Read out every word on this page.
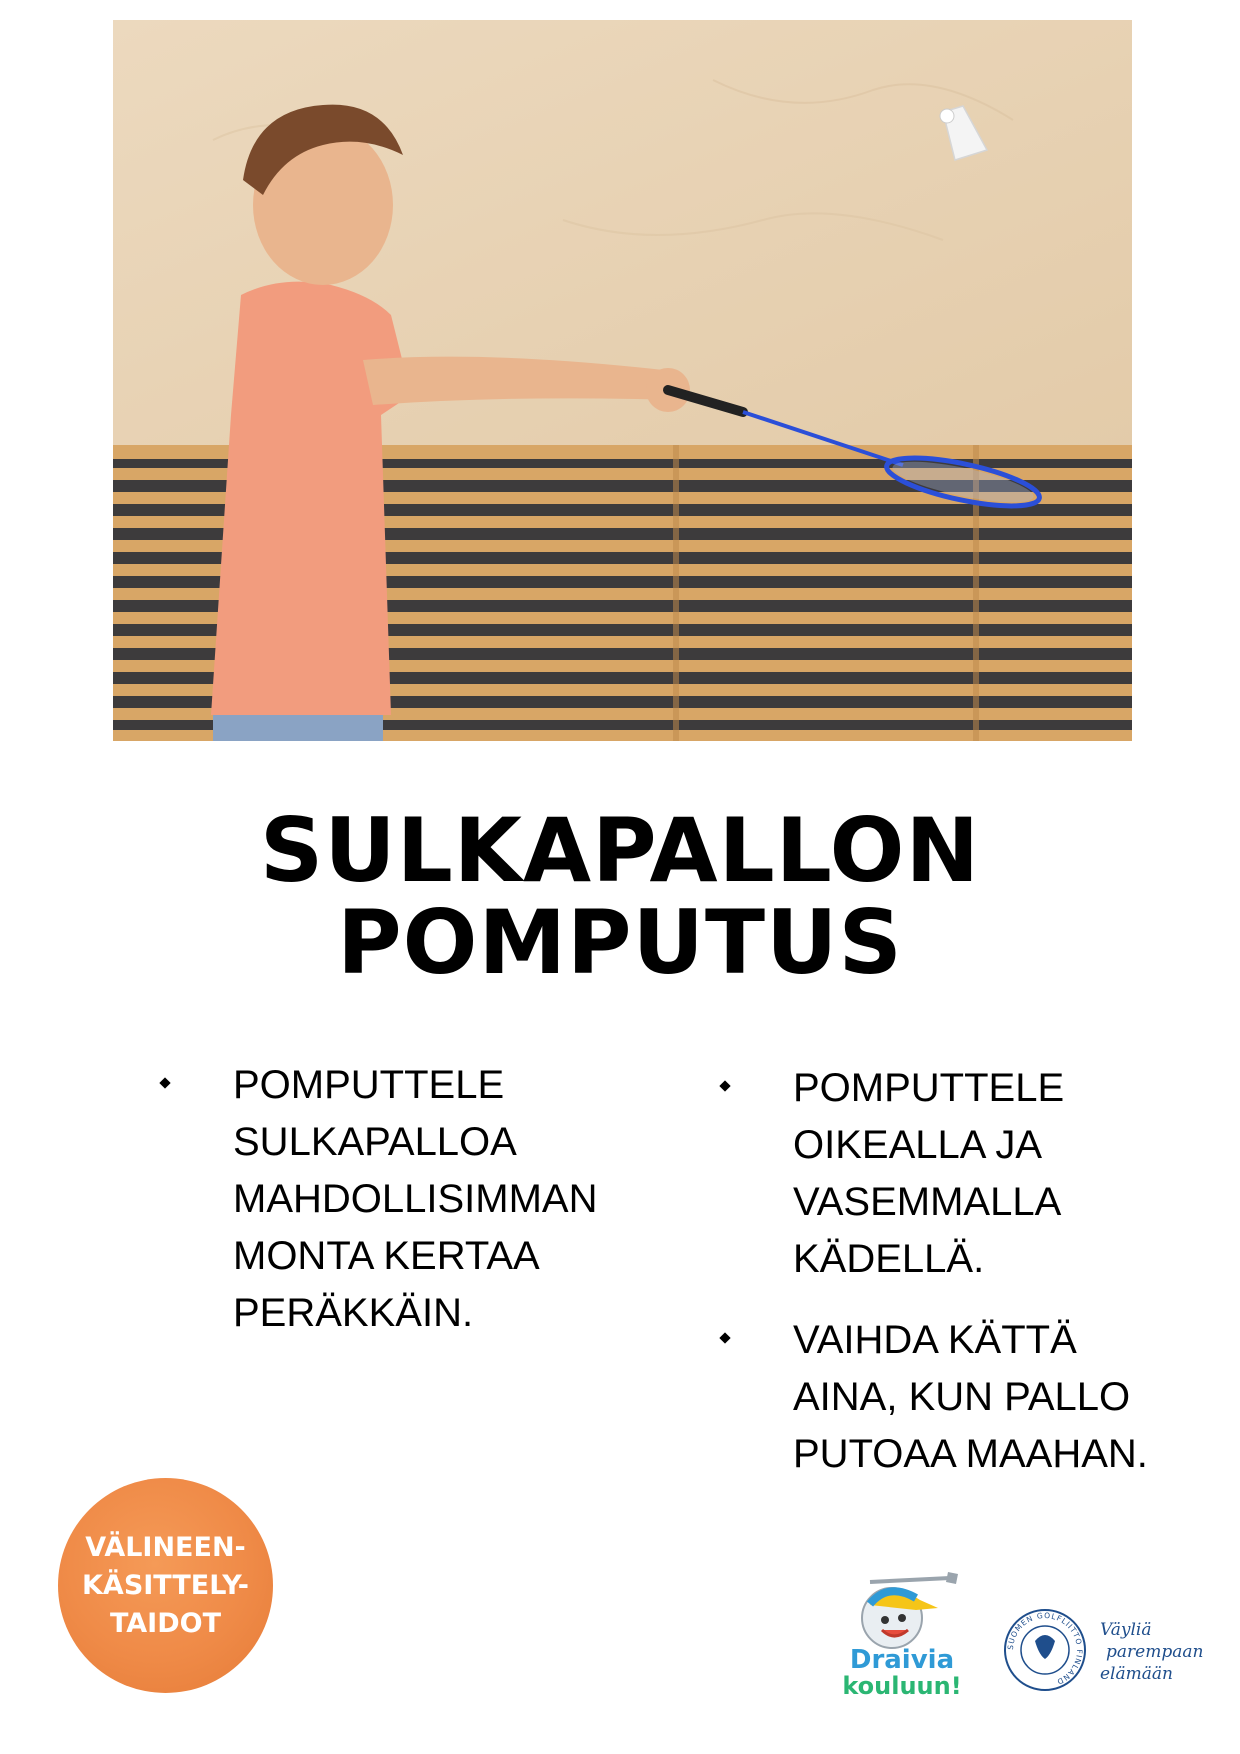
SULKAPALLON
POMPUTUS
POMPUTTELE
SULKAPALLOA
MAHDOLLISIMMAN
MONTA KERTAA
PERÄKKÄIN.
POMPUTTELE
OIKEALLA JA
VASEMMALLA
KÄDELLÄ.
VAIHDA KÄTTÄ
AINA, KUN PALLO
PUTOAA MAAHAN.
VÄLINEEN-
KÄSITTELY-
TAIDOT
Draivia
kouluun!
SUOMEN GOLFLIITTO FINLAND
Väyliä
parempaan
elämään
